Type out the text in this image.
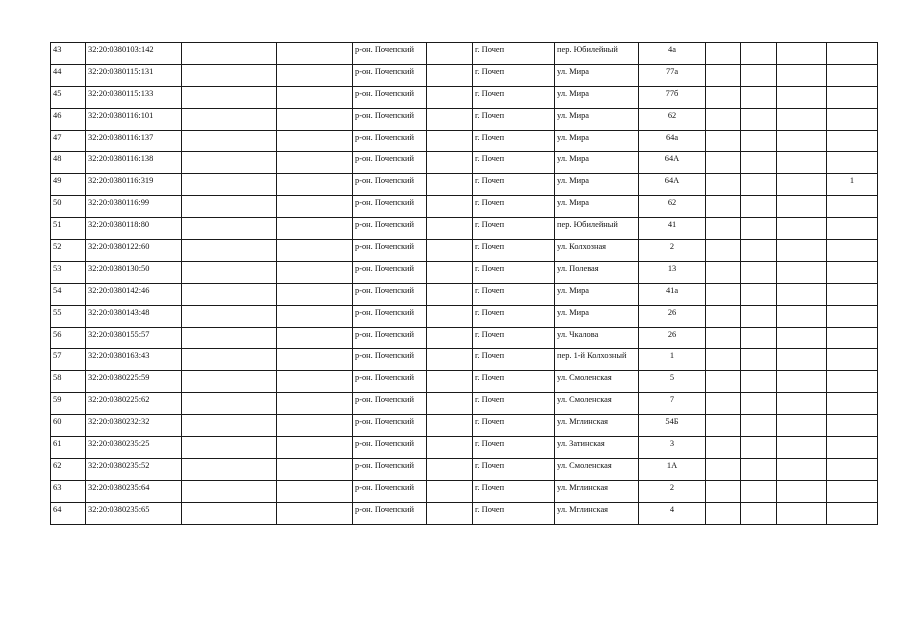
43	32:20:0380103:142			р-он. Почепский		г. Почеп	пер. Юбилейный	4а				
44	32:20:0380115:131			р-он. Почепский		г. Почеп	ул. Мира	77а				
45	32:20:0380115:133			р-он. Почепский		г. Почеп	ул. Мира	77б				
46	32:20:0380116:101			р-он. Почепский		г. Почеп	ул. Мира	62				
47	32:20:0380116:137			р-он. Почепский		г. Почеп	ул. Мира	64а				
48	32:20:0380116:138			р-он. Почепский		г. Почеп	ул. Мира	64А				
49	32:20:0380116:319			р-он. Почепский		г. Почеп	ул. Мира	64А				1
50	32:20:0380116:99			р-он. Почепский		г. Почеп	ул. Мира	62				
51	32:20:0380118:80			р-он. Почепский		г. Почеп	пер. Юбилейный	41				
52	32:20:0380122:60			р-он. Почепский		г. Почеп	ул. Колхозная	2				
53	32:20:0380130:50			р-он. Почепский		г. Почеп	ул. Полевая	13				
54	32:20:0380142:46			р-он. Почепский		г. Почеп	ул. Мира	41а				
55	32:20:0380143:48			р-он. Почепский		г. Почеп	ул. Мира	26				
56	32:20:0380155:57			р-он. Почепский		г. Почеп	ул. Чкалова	26				
57	32:20:0380163:43			р-он. Почепский		г. Почеп	пер. 1-й Колхозный	1				
58	32:20:0380225:59			р-он. Почепский		г. Почеп	ул. Смоленская	5				
59	32:20:0380225:62			р-он. Почепский		г. Почеп	ул. Смоленская	7				
60	32:20:0380232:32			р-он. Почепский		г. Почеп	ул. Мглинская	54Б				
61	32:20:0380235:25			р-он. Почепский		г. Почеп	ул. Затинская	3				
62	32:20:0380235:52			р-он. Почепский		г. Почеп	ул. Смоленская	1А				
63	32:20:0380235:64			р-он. Почепский		г. Почеп	ул. Мглинская	2				
64	32:20:0380235:65			р-он. Почепский		г. Почеп	ул. Мглинская	4				
